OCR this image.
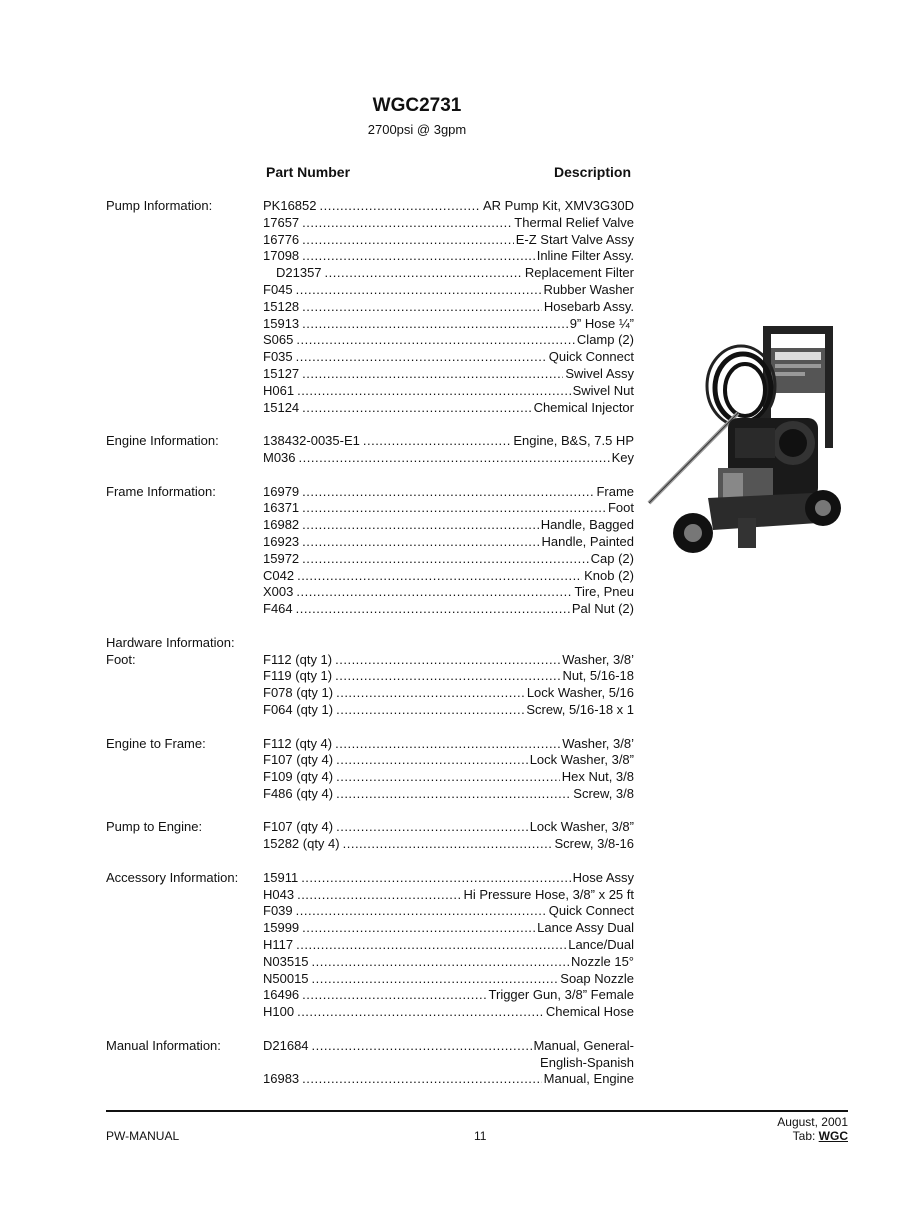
WGC2731
2700psi @ 3gpm
Part Number	Description
Pump Information:	PK16852 .....	AR Pump Kit, XMV3G30D
17657 .....	Thermal Relief Valve
16776 .....	E-Z Start Valve Assy
17098 .....	Inline Filter Assy.
D21357 .....	Replacement Filter
F045 .....	Rubber Washer
15128 .....	Hosebarb Assy.
15913 .....	9” Hose ¼”
S065 .....	Clamp (2)
F035 .....	Quick Connect
15127 .....	Swivel Assy
H061 .....	Swivel Nut
15124 .....	Chemical Injector
Engine Information:	138432-0035-E1 .....	Engine, B&S, 7.5 HP
M036 .....	Key
Frame Information:	16979 .....	Frame
16371 .....	Foot
16982 .....	Handle, Bagged
16923 .....	Handle, Painted
15972 .....	Cap (2)
C042 .....	Knob (2)
X003 .....	Tire, Pneu
F464 .....	Pal Nut (2)
Hardware Information:
Foot:	F112 (qty 1) .....	Washer, 3/8’
F119 (qty 1) .....	Nut, 5/16-18
F078 (qty 1) .....	Lock Washer, 5/16
F064 (qty 1) .....	Screw, 5/16-18 x 1
Engine to Frame:	F112 (qty 4) .....	Washer, 3/8’
F107 (qty 4) .....	Lock Washer, 3/8”
F109 (qty 4) .....	Hex Nut, 3/8
F486 (qty 4) .....	Screw, 3/8
Pump to Engine:	F107 (qty 4) .....	Lock Washer, 3/8”
15282 (qty 4) .....	Screw, 3/8-16
Accessory Information: 15911 .....	Hose Assy
H043 .....	Hi Pressure Hose, 3/8” x 25 ft
F039 .....	Quick Connect
15999 .....	Lance Assy Dual
H117 .....	Lance/Dual
N03515 .....	Nozzle 15°
N50015 .....	Soap Nozzle
16496 .....	Trigger Gun, 3/8” Female
H100 .....	Chemical Hose
Manual Information:	D21684 .....	Manual, General-
English-Spanish
16983 .....	Manual, Engine
PW-MANUAL	11
August, 2001
Tab: WGC
